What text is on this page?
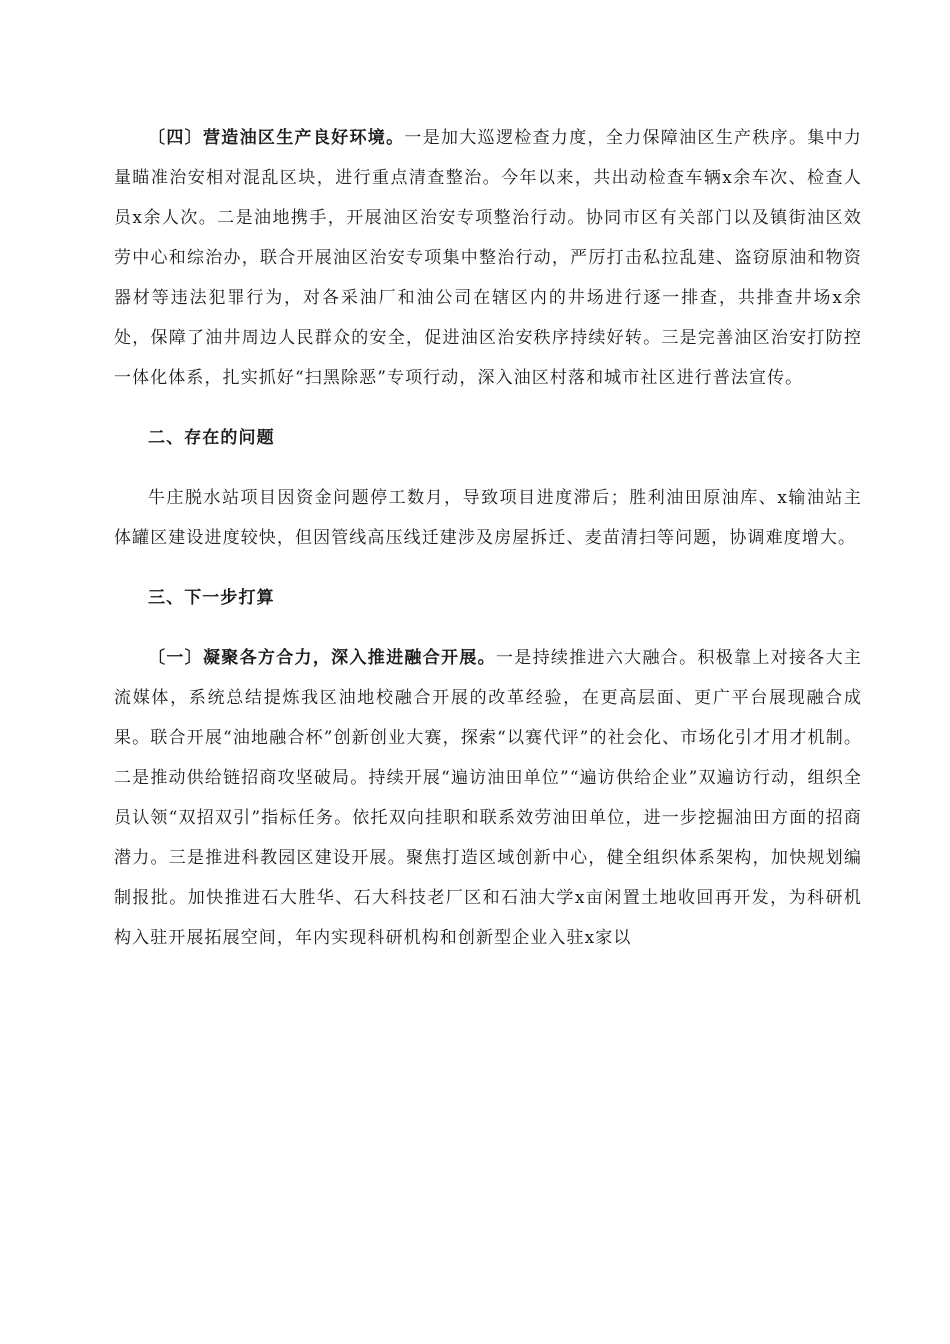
〔四〕营造油区生产良好环境。一是加大巡逻检查力度，全力保障油区生产秩序。集中力量瞄准治安相对混乱区块，进行重点清查整治。今年以来，共出动检查车辆x余车次、检查人员x余人次。二是油地携手，开展油区治安专项整治行动。协同市区有关部门以及镇街油区效劳中心和综治办，联合开展油区治安专项集中整治行动，严厉打击私拉乱建、盗窃原油和物资器材等违法犯罪行为，对各采油厂和油公司在辖区内的井场进行逐一排查，共排查井场x余处，保障了油井周边人民群众的安全，促进油区治安秩序持续好转。三是完善油区治安打防控一体化体系，扎实抓好“扫黑除恶”专项行动，深入油区村落和城市社区进行普法宣传。

二、存在的问题

牛庄脱水站项目因资金问题停工数月，导致项目进度滞后；胜利油田原油库、x输油站主体罐区建设进度较快，但因管线高压线迁建涉及房屋拆迁、麦苗清扫等问题，协调难度增大。

三、下一步打算

〔一〕凝聚各方合力，深入推进融合开展。一是持续推进六大融合。积极靠上对接各大主流媒体，系统总结提炼我区油地校融合开展的改革经验，在更高层面、更广平台展现融合成果。联合开展“油地融合杯”创新创业大赛，探索“以赛代评”的社会化、市场化引才用才机制。二是推动供给链招商攻坚破局。持续开展“遍访油田单位”“遍访供给企业”双遍访行动，组织全员认领“双招双引”指标任务。依托双向挂职和联系效劳油田单位，进一步挖掘油田方面的招商潜力。三是推进科教园区建设开展。聚焦打造区域创新中心，健全组织体系架构，加快规划编制报批。加快推进石大胜华、石大科技老厂区和石油大学x亩闲置土地收回再开发，为科研机构入驻开展拓展空间，年内实现科研机构和创新型企业入驻x家以
